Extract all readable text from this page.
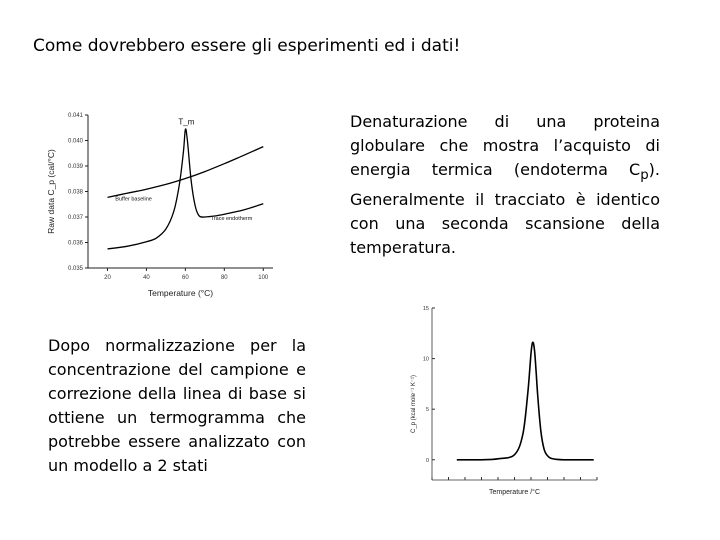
Come dovrebbero essere gli esperimenti ed i dati!
Denaturazione di una proteina globulare che mostra l’acquisto di energia termica (endoterma $C_p$). Generalmente il tracciato è identico con una seconda scansione della temperatura.
Dopo normalizzazione per la concentrazione del campione e correzione della linea di base si ottiene un termogramma che potrebbe essere analizzato con un modello a 2 stati
0.035
0.036
0.037
0.038
0.039
0.040
0.041
20	40	60	80	100
Temperature (°C)
Raw data C_p (cal/°C)	Buffer baseline
Trace endotherm
T_m
0
5
10
15
Temperature /°C
C_p (kcal mole⁻¹ K⁻¹)
